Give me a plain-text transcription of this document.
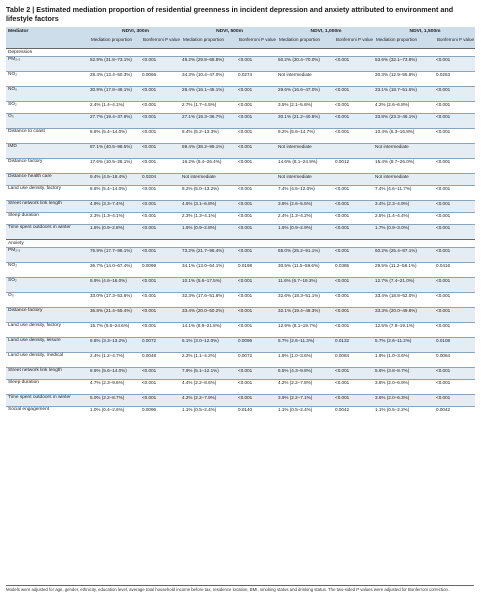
Table 2 | Estimated mediation proportion of residential greenness in incident depression and anxiety attributed to environment and lifestyle factors
Mediator	NDVI, 300m		NDVI, 500m		NDVI, 1,000m		NDVI, 1,500m	
	Mediation proportion	Bonferroni P value	Mediation proportion	Bonferroni P value	Mediation proportion	Bonferroni P value	Mediation proportion	Bonferroni P value
Depression								
PM₂.₅	52.9% (31.8–73.1%)	<0.001	49.2% (29.8–68.8%)	<0.001	50.2% (30.4–70.0%)	<0.001	53.6% (32.1–73.8%)	<0.001
NO₂	28.4% (13.4–50.3%)	0.0066	34.3% (10.4–47.0%)	0.0274	Not intermediate		30.3% (12.9–55.9%)	0.0253
NOₓ	30.9% (17.8–48.1%)	<0.001	28.4% (16.1–45.1%)	<0.001	29.6% (16.6–47.0%)	<0.001	33.1% (18.7–51.5%)	<0.001
SO₂	2.4% (1.4–4.1%)	<0.001	2.7% (1.7–4.5%)	<0.001	3.5% (2.1–5.6%)	<0.001	4.2% (2.6–6.8%)	<0.001
O₃	27.7% (19.4–37.9%)	<0.001	27.1% (19.3–36.7%)	<0.001	30.1% (21.2–40.8%)	<0.001	33.8% (23.3–46.1%)	<0.001
Distance to coast	8.8% (5.4–14.0%)	<0.001	8.4% (5.2–13.3%)	<0.001	9.2% (5.6–14.7%)	<0.001	10.4% (6.3–16.8%)	<0.001
IMD	87.1% (40.5–98.5%)	<0.001	89.4% (38.2–99.1%)	<0.001	Not intermediate		Not intermediate	
Distance factory	17.6% (10.5–28.1%)	<0.001	16.2% (9.4–26.4%)	<0.001	14.6% (8.1–24.9%)	0.0012	15.4% (8.7–26.0%)	<0.001
Distance health care	9.4% (4.5–18.4%)	0.0204	Not intermediate		Not intermediate		Not intermediate	
Land use density, factory	8.8% (5.4–14.0%)	<0.001	8.2% (5.0–13.2%)	<0.001	7.4% (4.5–12.0%)	<0.001	7.4% (4.6–11.7%)	<0.001
Street network link length	4.9% (3.3–7.4%)	<0.001	4.6% (3.1–6.8%)	<0.001	3.8% (2.6–5.5%)	<0.001	3.4% (2.3–4.9%)	<0.001
Sleep duration	2.3% (1.3–4.1%)	<0.001	2.3% (1.3–4.1%)	<0.001	2.4% (1.3–4.2%)	<0.001	2.5% (1.4–4.4%)	<0.001
Time spent outdoors in winter	1.6% (0.9–2.8%)	<0.001	1.6% (0.9–2.8%)	<0.001	1.6% (0.9–2.9%)	<0.001	1.7% (0.9–3.0%)	<0.001
Anxiety								
PM₂.₅	76.9% (17.7–98.1%)	<0.001	73.2% (21.7–96.4%)	<0.001	65.0% (25.2–91.1%)	<0.001	60.2% (25.4–87.1%)	<0.001
NO₂	36.7% (14.0–67.4%)	0.0099	34.1% (13.0–64.1%)	0.0198	30.5% (11.5–59.6%)	0.0385	29.5% (11.2–58.1%)	0.0416
SO₂	8.9% (4.6–16.0%)	<0.001	10.1% (5.6–17.5%)	<0.001	11.6% (6.7–19.3%)	<0.001	12.7% (7.4–21.0%)	<0.001
O₃	33.0% (17.3–53.6%)	<0.001	32.3% (17.6–51.6%)	<0.001	32.6% (18.3–51.1%)	<0.001	33.4% (18.8–52.0%)	<0.001
Distance factory	36.8% (21.4–55.4%)	<0.001	33.4% (20.0–50.2%)	<0.001	32.1% (19.4–48.3%)	<0.001	33.3% (20.0–49.8%)	<0.001
Land use density, factory	15.7% (9.6–24.6%)	<0.001	14.1% (8.9–21.8%)	<0.001	12.9% (8.1–19.7%)	<0.001	12.5% (7.9–19.1%)	<0.001
Land use density, leisure	6.8% (3.3–13.2%)	0.0072	6.1% (3.0–12.0%)	0.0096	5.7% (2.6–11.3%)	0.0132	5.7% (2.6–11.2%)	0.0108
Land use density, medical	2.4% (1.2–4.7%)	0.0048	2.2% (1.1–4.2%)	0.0072	1.9% (1.0–3.6%)	0.0084	1.9% (1.0–3.6%)	0.0084
Street network link length	8.9% (5.6–14.0%)	<0.001	7.9% (5.1–12.1%)	<0.001	6.5% (4.3–9.8%)	<0.001	5.6% (3.8–8.7%)	<0.001
Sleep duration	4.7% (2.3–9.6%)	<0.001	4.4% (2.2–8.6%)	<0.001	4.2% (2.2–7.8%)	<0.001	3.8% (2.0–6.9%)	<0.001
Time spent outdoors in winter	5.0% (2.2–8.7%)	<0.001	4.2% (2.2–7.9%)	<0.001	3.9% (2.2–7.1%)	<0.001	3.6% (2.0–6.3%)	<0.001
Social engagement	1.0% (0.4–2.6%)	0.0096	1.1% (0.5–2.4%)	0.0140	1.1% (0.5–2.4%)	0.0042	1.1% (0.5–2.2%)	0.0042
Models were adjusted for age, gender, ethnicity, education level, average total household income before tax, residence location, BMI, smoking status and drinking status. The two-sided P values were adjusted for Bonferroni correction.
